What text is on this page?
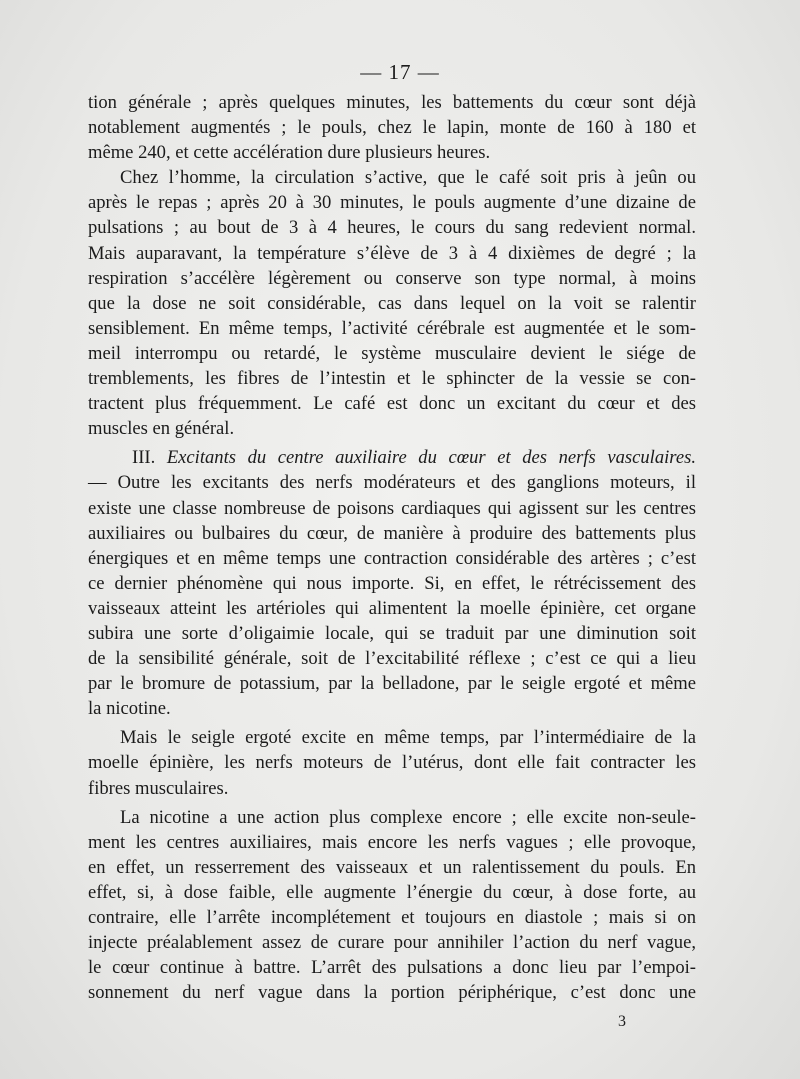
— 17 —
tion générale ; après quelques minutes, les battements du cœur sont déjà
notablement augmentés ; le pouls, chez le lapin, monte de 160 à 180 et
même 240, et cette accélération dure plusieurs heures.
Chez l’homme, la circulation s’active, que le café soit pris à jeûn ou
après le repas ; après 20 à 30 minutes, le pouls augmente d’une dizaine de
pulsations ; au bout de 3 à 4 heures, le cours du sang redevient normal.
Mais auparavant, la température s’élève de 3 à 4 dixièmes de degré ; la
respiration s’accélère légèrement ou conserve son type normal, à moins
que la dose ne soit considérable, cas dans lequel on la voit se ralentir
sensiblement. En même temps, l’activité cérébrale est augmentée et le som-
meil interrompu ou retardé, le système musculaire devient le siége de
tremblements, les fibres de l’intestin et le sphincter de la vessie se con-
tractent plus fréquemment. Le café est donc un excitant du cœur et des
muscles en général.
III. Excitants du centre auxiliaire du cœur et des nerfs vasculaires.
— Outre les excitants des nerfs modérateurs et des ganglions moteurs, il
existe une classe nombreuse de poisons cardiaques qui agissent sur les centres
auxiliaires ou bulbaires du cœur, de manière à produire des battements plus
énergiques et en même temps une contraction considérable des artères ; c’est
ce dernier phénomène qui nous importe. Si, en effet, le rétrécissement des
vaisseaux atteint les artérioles qui alimentent la moelle épinière, cet organe
subira une sorte d’oligaimie locale, qui se traduit par une diminution soit
de la sensibilité générale, soit de l’excitabilité réflexe ; c’est ce qui a lieu
par le bromure de potassium, par la belladone, par le seigle ergoté et même
la nicotine.
Mais le seigle ergoté excite en même temps, par l’intermédiaire de la
moelle épinière, les nerfs moteurs de l’utérus, dont elle fait contracter les
fibres musculaires.
La nicotine a une action plus complexe encore ; elle excite non-seule-
ment les centres auxiliaires, mais encore les nerfs vagues ; elle provoque,
en effet, un resserrement des vaisseaux et un ralentissement du pouls. En
effet, si, à dose faible, elle augmente l’énergie du cœur, à dose forte, au
contraire, elle l’arrête incomplétement et toujours en diastole ; mais si on
injecte préalablement assez de curare pour annihiler l’action du nerf vague,
le cœur continue à battre. L’arrêt des pulsations a donc lieu par l’empoi-
sonnement du nerf vague dans la portion périphérique, c’est donc une
3
